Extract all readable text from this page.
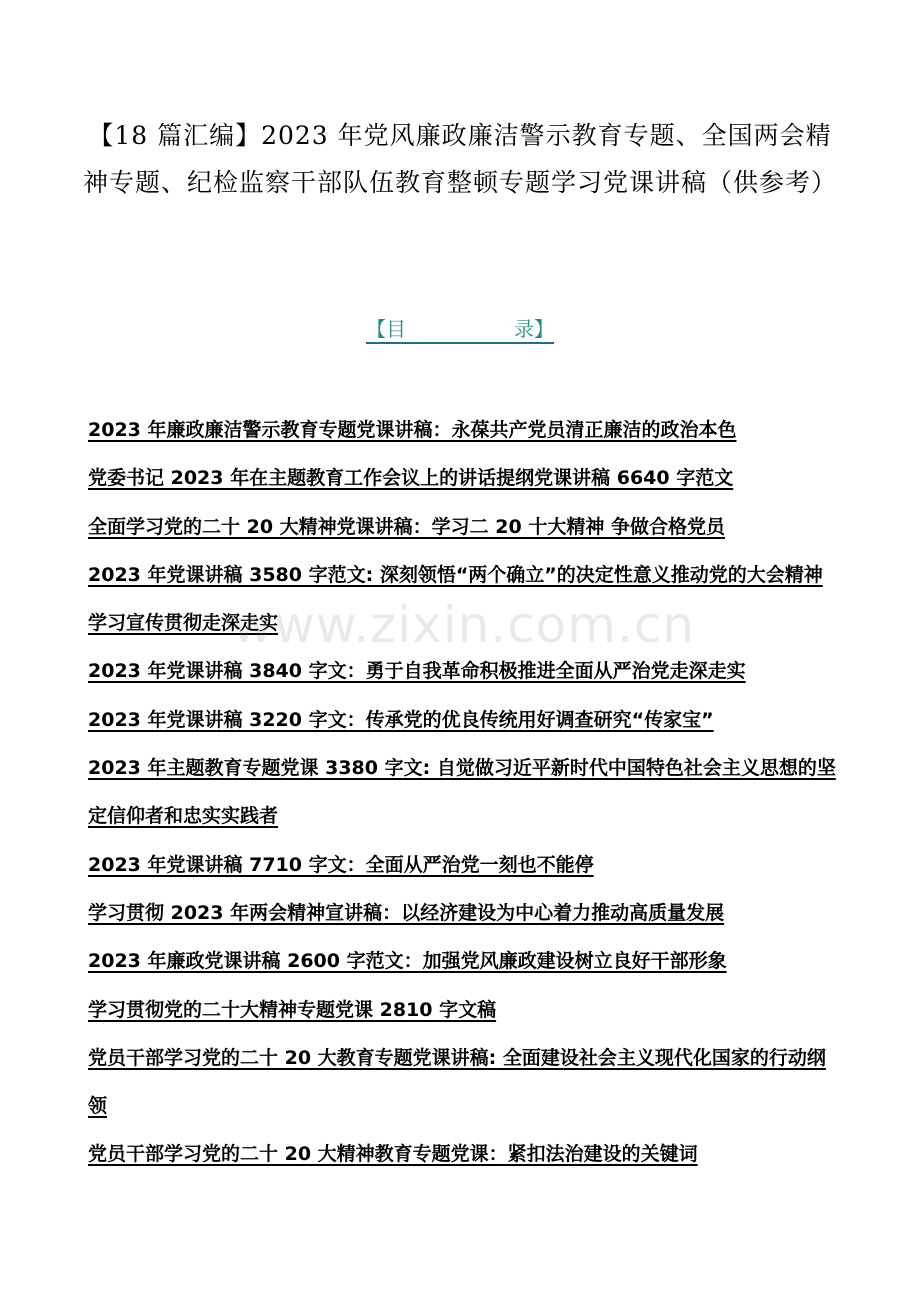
【18 篇汇编】2023 年党风廉政廉洁警示教育专题、全国两会精神专题、纪检监察干部队伍教育整顿专题学习党课讲稿（供参考）
【目	录】
2023 年廉政廉洁警示教育专题党课讲稿：永葆共产党员清正廉洁的政治本色
党委书记 2023 年在主题教育工作会议上的讲话提纲党课讲稿 6640 字范文
全面学习党的二十 20 大精神党课讲稿：学习二 20 十大精神 争做合格党员
2023 年党课讲稿 3580 字范文: 深刻领悟“两个确立”的决定性意义推动党的大会精神学习宣传贯彻走深走实
2023 年党课讲稿 3840 字文：勇于自我革命积极推进全面从严治党走深走实
2023 年党课讲稿 3220 字文：传承党的优良传统用好调查研究“传家宝”
2023 年主题教育专题党课 3380 字文: 自觉做习近平新时代中国特色社会主义思想的坚定信仰者和忠实实践者
2023 年党课讲稿 7710 字文：全面从严治党一刻也不能停
学习贯彻 2023 年两会精神宣讲稿：以经济建设为中心着力推动高质量发展
2023 年廉政党课讲稿 2600 字范文：加强党风廉政建设树立良好干部形象
学习贯彻党的二十大精神专题党课 2810 字文稿
党员干部学习党的二十 20 大教育专题党课讲稿: 全面建设社会主义现代化国家的行动纲领
党员干部学习党的二十 20 大精神教育专题党课：紧扣法治建设的关键词
www.zixin.com.cn
